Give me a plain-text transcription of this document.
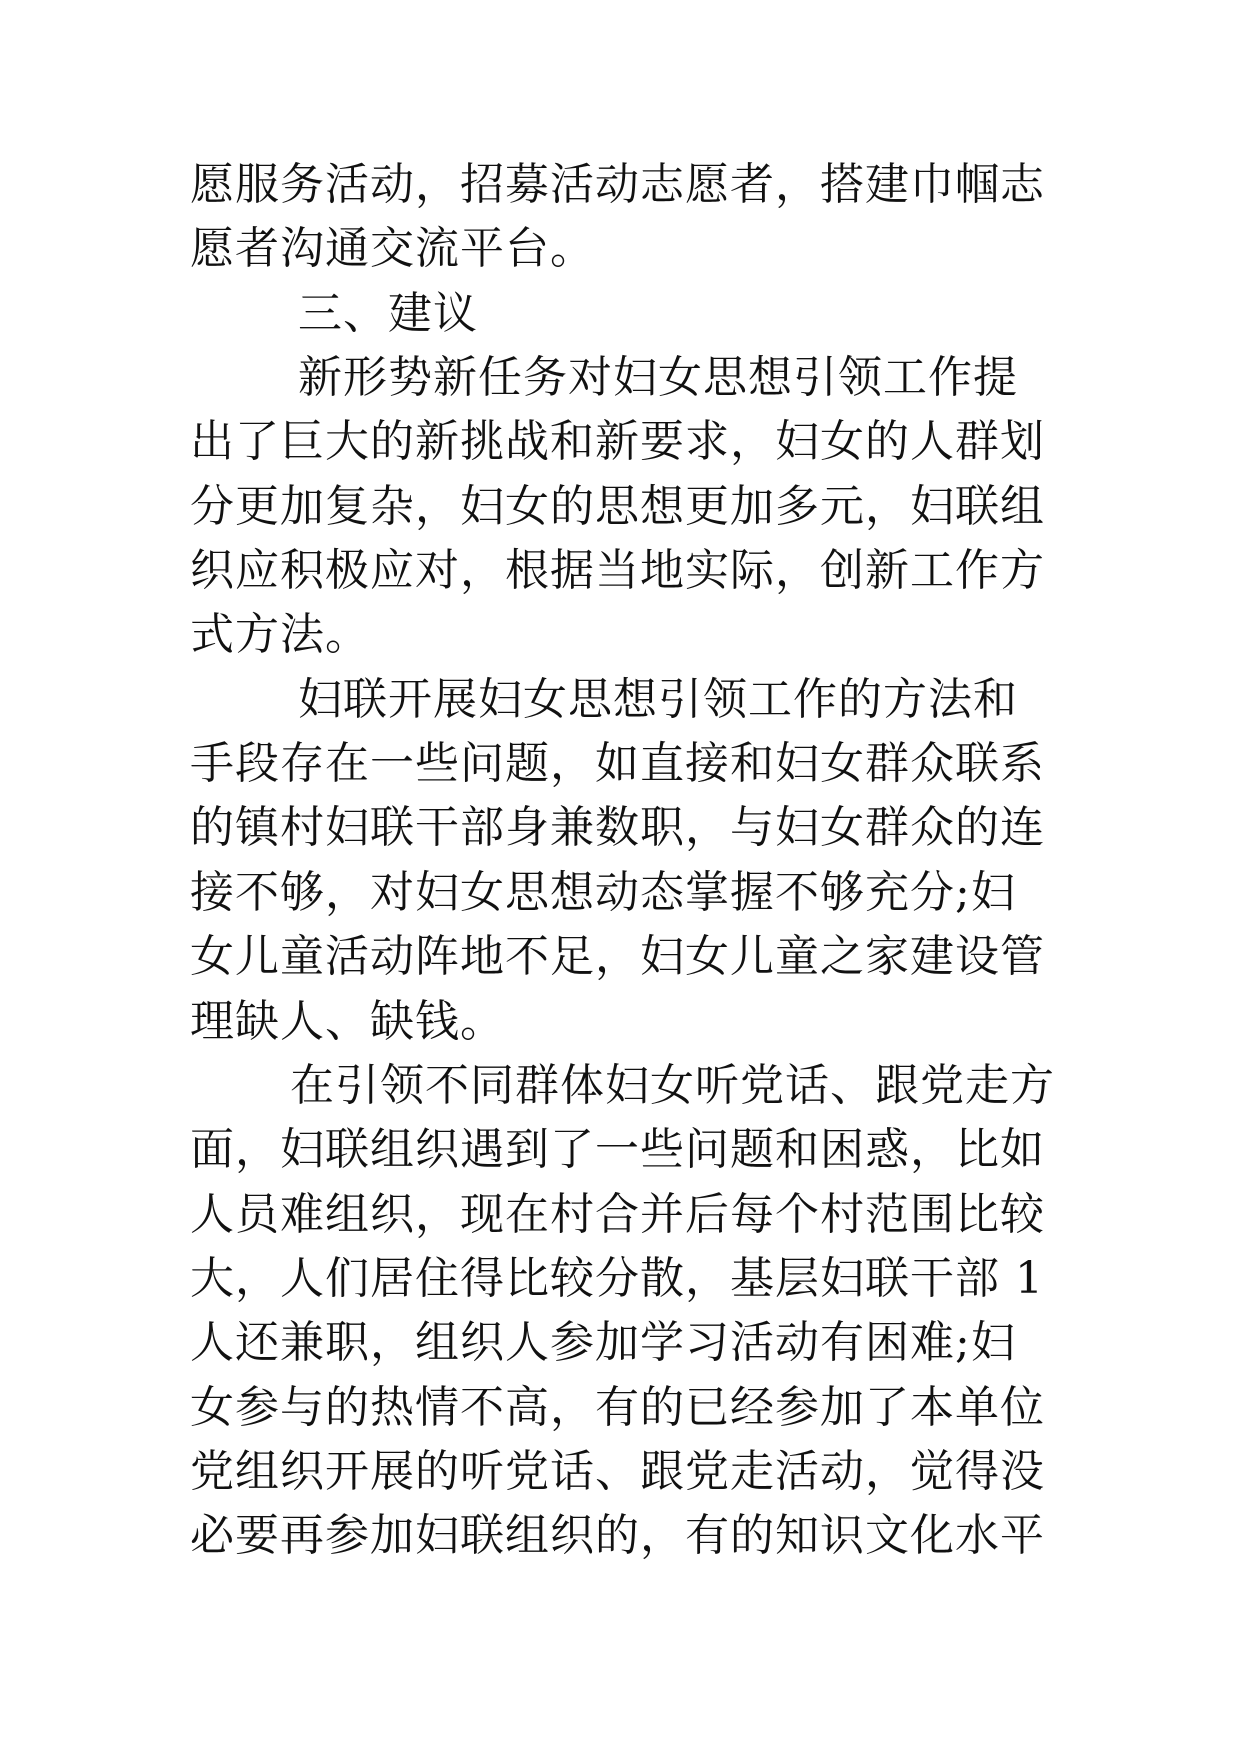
愿服务活动，招募活动志愿者，搭建巾帼志
愿者沟通交流平台。
三、建议
新形势新任务对妇女思想引领工作提
出了巨大的新挑战和新要求，妇女的人群划
分更加复杂，妇女的思想更加多元，妇联组
织应积极应对，根据当地实际，创新工作方
式方法。
妇联开展妇女思想引领工作的方法和
手段存在一些问题，如直接和妇女群众联系
的镇村妇联干部身兼数职，与妇女群众的连
接不够，对妇女思想动态掌握不够充分;妇
女儿童活动阵地不足，妇女儿童之家建设管
理缺人、缺钱。
在引领不同群体妇女听党话、跟党走方
面，妇联组织遇到了一些问题和困惑，比如
人员难组织，现在村合并后每个村范围比较
大，人们居住得比较分散，基层妇联干部 1
人还兼职，组织人参加学习活动有困难;妇
女参与的热情不高，有的已经参加了本单位
党组织开展的听党话、跟党走活动，觉得没
必要再参加妇联组织的，有的知识文化水平
